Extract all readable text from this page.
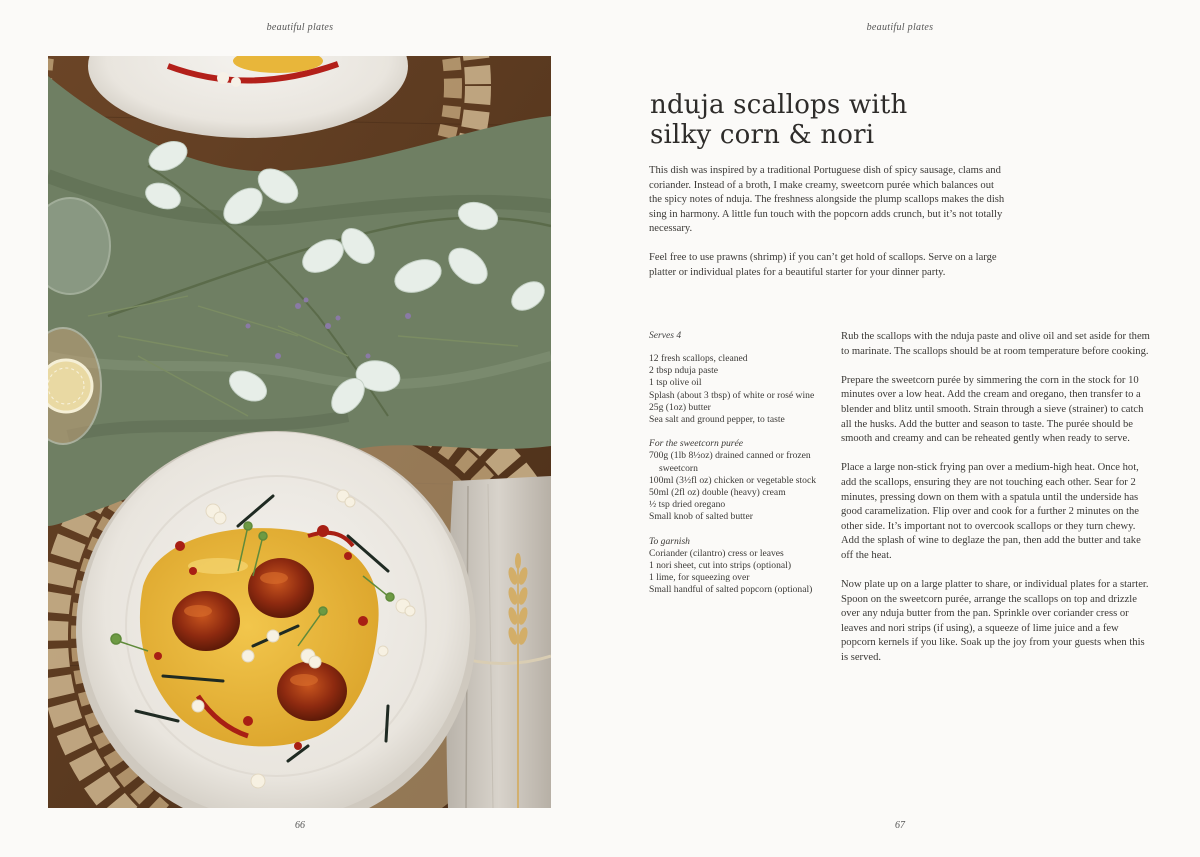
beautiful plates
66
beautiful plates
nduja scallops with
silky corn & nori

This dish was inspired by a traditional Portuguese dish of spicy sausage, clams and coriander. Instead of a broth, I make creamy, sweetcorn purée which balances out the spicy notes of nduja. The freshness alongside the plump scallops makes the dish sing in harmony. A little fun touch with the popcorn adds crunch, but it’s not totally necessary.

Feel free to use prawns (shrimp) if you can’t get hold of scallops. Serve on a large platter or individual plates for a beautiful starter for your dinner party.

Serves 4
12 fresh scallops, cleaned
2 tbsp nduja paste
1 tsp olive oil
Splash (about 3 tbsp) of white or rosé wine
25g (1oz) butter
Sea salt and ground pepper, to taste
For the sweetcorn purée
700g (1lb 8½oz) drained canned or frozen sweetcorn
100ml (3½fl oz) chicken or vegetable stock
50ml (2fl oz) double (heavy) cream
½ tsp dried oregano
Small knob of salted butter
To garnish
Coriander (cilantro) cress or leaves
1 nori sheet, cut into strips (optional)
1 lime, for squeezing over
Small handful of salted popcorn (optional)

Rub the scallops with the nduja paste and olive oil and set aside for them to marinate. The scallops should be at room temperature before cooking.

Prepare the sweetcorn purée by simmering the corn in the stock for 10 minutes over a low heat. Add the cream and oregano, then transfer to a blender and blitz until smooth. Strain through a sieve (strainer) to catch all the husks. Add the butter and season to taste. The purée should be smooth and creamy and can be reheated gently when ready to serve.

Place a large non-stick frying pan over a medium-high heat. Once hot, add the scallops, ensuring they are not touching each other. Sear for 2 minutes, pressing down on them with a spatula until the underside has good caramelization. Flip over and cook for a further 2 minutes on the other side. It’s important not to overcook scallops or they turn chewy. Add the splash of wine to deglaze the pan, then add the butter and take off the heat.

Now plate up on a large platter to share, or individual plates for a starter. Spoon on the sweetcorn purée, arrange the scallops on top and drizzle over any nduja butter from the pan. Sprinkle over coriander cress or leaves and nori strips (if using), a squeeze of lime juice and a few popcorn kernels if you like. Soak up the joy from your guests when this is served.

67
